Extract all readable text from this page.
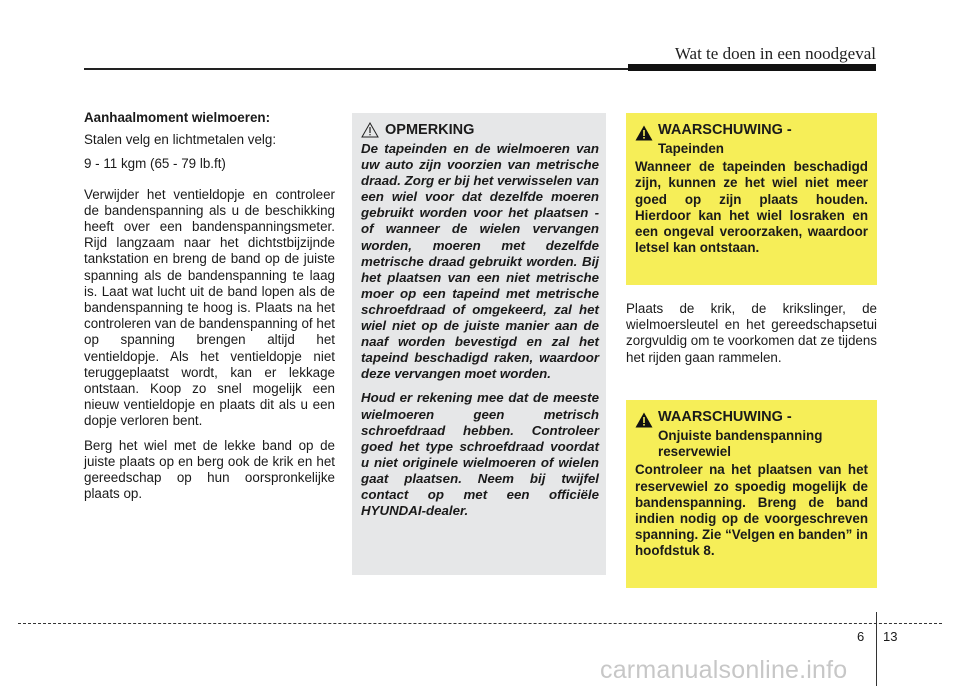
Wat te doen in een noodgeval

Aanhaalmoment wielmoeren:

Stalen velg en lichtmetalen velg:

9 - 11 kgm (65 - 79 lb.ft)

Verwijder het ventieldopje en controleer de bandenspanning als u de beschikking heeft over een bandenspanningsmeter. Rijd langzaam naar het dichtstbijzijnde tankstation en breng de band op de juiste spanning als de bandenspanning te laag is. Laat wat lucht uit de band lopen als de bandenspanning te hoog is. Plaats na het controleren van de bandenspanning of het op spanning brengen altijd het ventieldopje. Als het ventieldopje niet teruggeplaatst wordt, kan er lekkage ontstaan. Koop zo snel mogelijk een nieuw ventieldopje en plaats dit als u een dopje verloren bent.

Berg het wiel met de lekke band op de juiste plaats op en berg ook de krik en het gereedschap op hun oorspronkelijke plaats op.

OPMERKING

De tapeinden en de wielmoeren van uw auto zijn voorzien van metrische draad. Zorg er bij het verwisselen van een wiel voor dat dezelfde moeren gebruikt worden voor het plaatsen - of wanneer de wielen vervangen worden, moeren met dezelfde metrische draad gebruikt worden. Bij het plaatsen van een niet metrische moer op een tapeind met metrische schroefdraad of omgekeerd, zal het wiel niet op de juiste manier aan de naaf worden bevestigd en zal het tapeind beschadigd raken, waardoor deze vervangen moet worden.

Houd er rekening mee dat de meeste wielmoeren geen metrisch schroefdraad hebben. Controleer goed het type schroefdraad voordat u niet originele wielmoeren of wielen gaat plaatsen. Neem bij twijfel contact op met een officiële HYUNDAI-dealer.

WAARSCHUWING -
Tapeinden

Wanneer de tapeinden beschadigd zijn, kunnen ze het wiel niet meer goed op zijn plaats houden. Hierdoor kan het wiel losraken en een ongeval veroorzaken, waardoor letsel kan ontstaan.

Plaats de krik, de krikslinger, de wielmoersleutel en het gereedschapsetui zorgvuldig om te voorkomen dat ze tijdens het rijden gaan rammelen.

WAARSCHUWING -
Onjuiste bandenspanning reservewiel

Controleer na het plaatsen van het reservewiel zo spoedig mogelijk de bandenspanning. Breng de band indien nodig op de voorgeschreven spanning. Zie “Velgen en banden” in hoofdstuk 8.

6 13
carmanualsonline.info
